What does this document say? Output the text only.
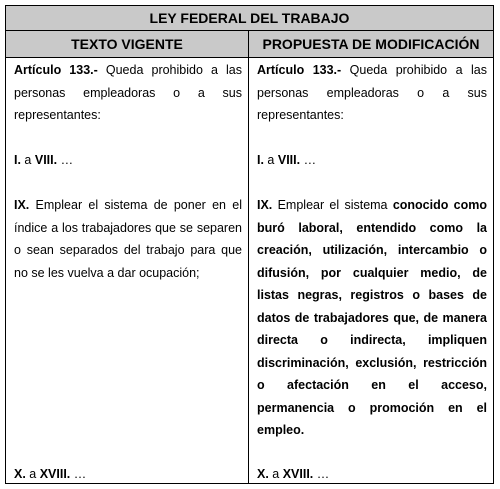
LEY FEDERAL DEL TRABAJO
TEXTO VIGENTE	PROPUESTA DE MODIFICACIÓN
Artículo 133.- Queda prohibido a las personas empleadoras o a sus representantes:
I. a VIII. …
IX. Emplear el sistema de poner en el índice a los trabajadores que se separen o sean separados del trabajo para que no se les vuelva a dar ocupación;
X. a XVIII. …
Artículo 133.- Queda prohibido a las personas empleadoras o a sus representantes:
I. a VIII. …
IX. Emplear el sistema conocido como buró laboral, entendido como la creación, utilización, intercambio o difusión, por cualquier medio, de listas negras, registros o bases de datos de trabajadores que, de manera directa o indirecta, impliquen discriminación, exclusión, restricción o afectación en el acceso, permanencia o promoción en el empleo.
X. a XVIII. …
